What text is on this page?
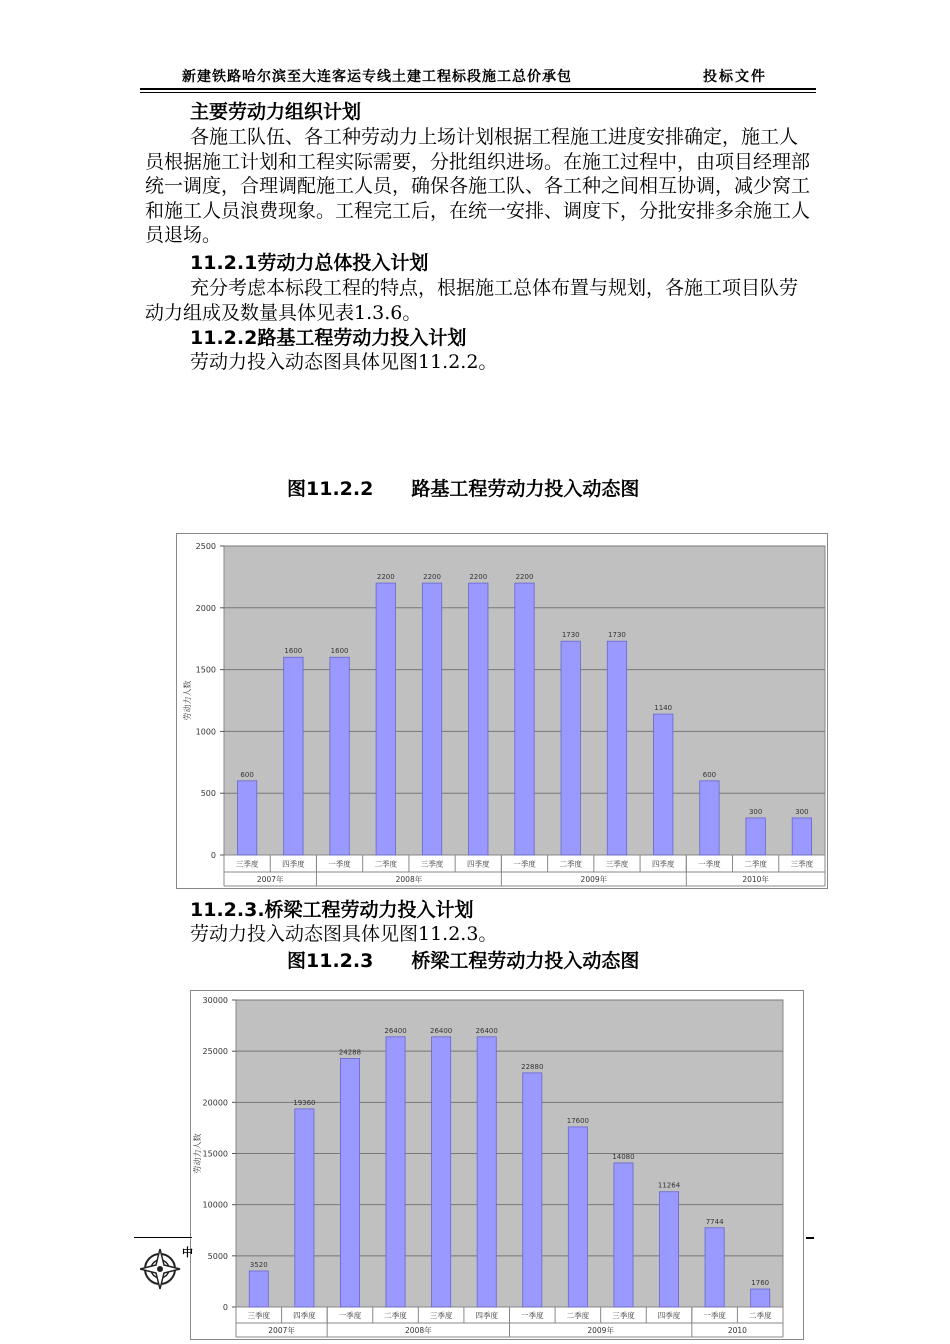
新建铁路哈尔滨至大连客运专线土建工程标段施工总价承包	投标文件
主要劳动力组织计划
各施工队伍、各工种劳动力上场计划根据工程施工进度安排确定，施工人员根据施工计划和工程实际需要，分批组织进场。在施工过程中，由项目经理部统一调度，合理调配施工人员，确保各施工队、各工种之间相互协调，减少窝工和施工人员浪费现象。工程完工后，在统一安排、调度下，分批安排多余施工人员退场。
11.2.1劳动力总体投入计划
充分考虑本标段工程的特点，根据施工总体布置与规划，各施工项目队劳动力组成及数量具体见表1.3.6。
11.2.2路基工程劳动力投入计划
劳动力投入动态图具体见图11.2.2。
图11.2.2　　路基工程劳动力投入动态图
0
500
1000
1500
2000
2500
劳动力人数
600
1600	1600
2200	2200	2200	2200
1730	1730
1140
600
300	300
三季度	四季度	一季度	二季度	三季度	四季度	一季度	二季度	三季度	四季度	一季度	二季度	三季度
2007年	2008年	2009年	2010年
11.2.3.桥梁工程劳动力投入计划
劳动力投入动态图具体见图11.2.3。
图11.2.3　　桥梁工程劳动力投入动态图
0
5000
10000
15000
20000
25000
30000
劳动力人数
3520
19360
24288
26400	26400	26400
22880
17600
14080
11264
7744
1760
三季度	四季度	一季度	二季度	三季度	四季度	一季度	二季度	三季度	四季度	一季度	二季度
2007年	2008年	2009年	2010
中
